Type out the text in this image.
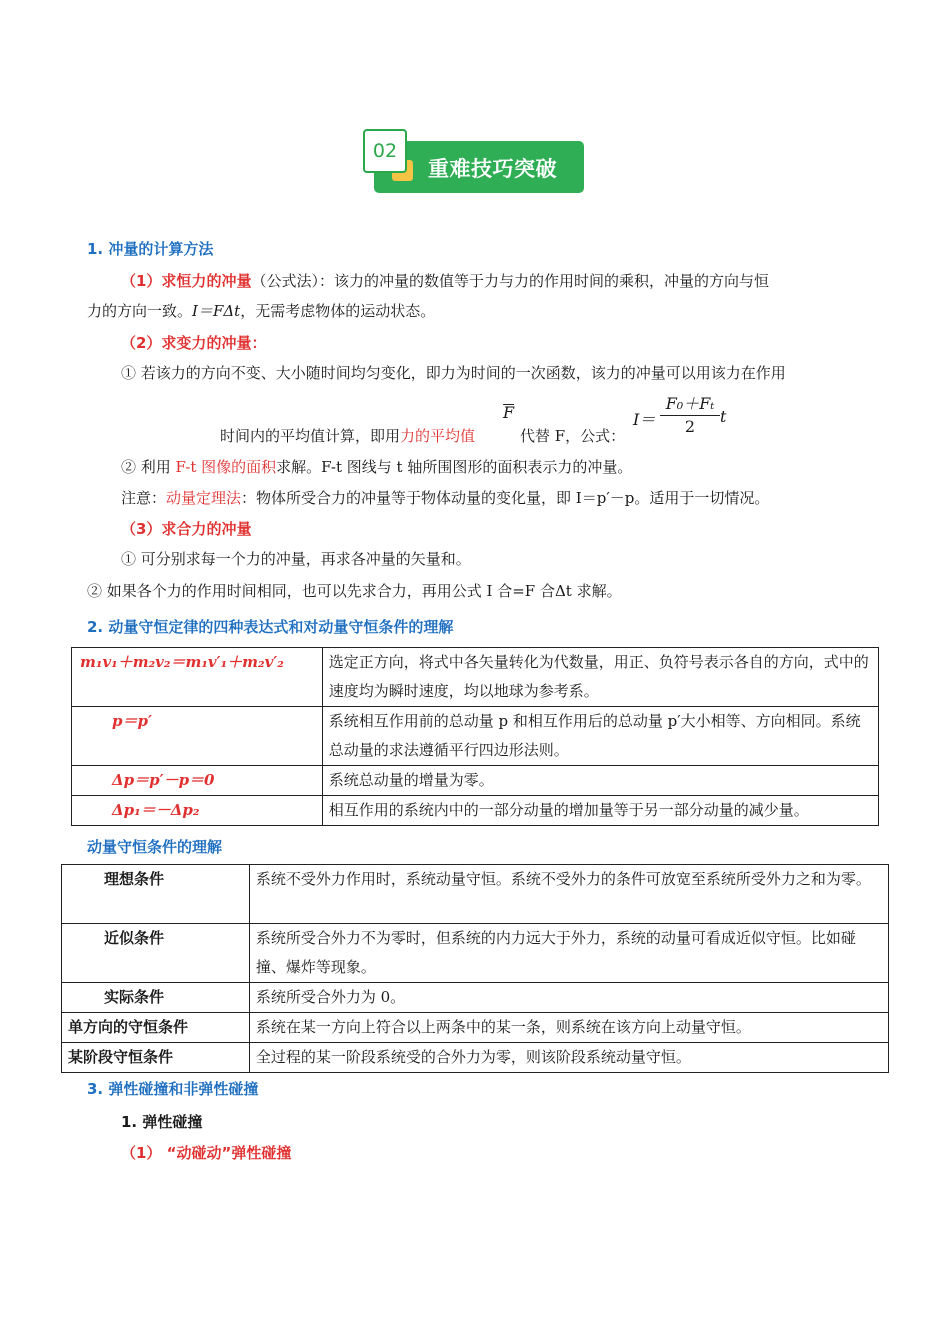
02
重难技巧突破
1. 冲量的计算方法
（1）求恒力的冲量（公式法）：该力的冲量的数值等于力与力的作用时间的乘积，冲量的方向与恒
力的方向一致。I＝FΔt，无需考虑物体的运动状态。
（2）求变力的冲量：
① 若该力的方向不变、大小随时间均匀变化，即力为时间的一次函数，该力的冲量可以用该力在作用
时间内的平均值计算，即用力的平均值
F
代替 F，公式：
$I= \frac{\text{F₀＋Fₜ}}{2}$ t
② 利用 F-t 图像的面积求解。F-t 图线与 t 轴所围图形的面积表示力的冲量。
注意：动量定理法：物体所受合力的冲量等于物体动量的变化量，即 I＝p′－p。适用于一切情况。
（3）求合力的冲量
① 可分别求每一个力的冲量，再求各冲量的矢量和。
② 如果各个力的作用时间相同，也可以先求合力，再用公式 I 合=F 合Δt 求解。
2. 动量守恒定律的四种表达式和对动量守恒条件的理解
m₁v₁＋m₂v₂＝m₁v′₁＋m₂v′₂	选定正方向，将式中各矢量转化为代数量，用正、负符号表示各自的方向，式中的速度均为瞬时速度，均以地球为参考系。
p＝p′	系统相互作用前的总动量 p 和相互作用后的总动量 p′大小相等、方向相同。系统总动量的求法遵循平行四边形法则。
Δp＝p′－p＝0	系统总动量的增量为零。
Δp₁＝－Δp₂	相互作用的系统内中的一部分动量的增加量等于另一部分动量的减少量。
动量守恒条件的理解
理想条件	系统不受外力作用时，系统动量守恒。系统不受外力的条件可放宽至系统所受外力之和为零。
近似条件	系统所受合外力不为零时，但系统的内力远大于外力，系统的动量可看成近似守恒。比如碰撞、爆炸等现象。
实际条件	系统所受合外力为 0。
单方向的守恒条件	系统在某一方向上符合以上两条中的某一条，则系统在该方向上动量守恒。
某阶段守恒条件	全过程的某一阶段系统受的合外力为零，则该阶段系统动量守恒。
3. 弹性碰撞和非弹性碰撞
1. 弹性碰撞
（1） “动碰动”弹性碰撞
